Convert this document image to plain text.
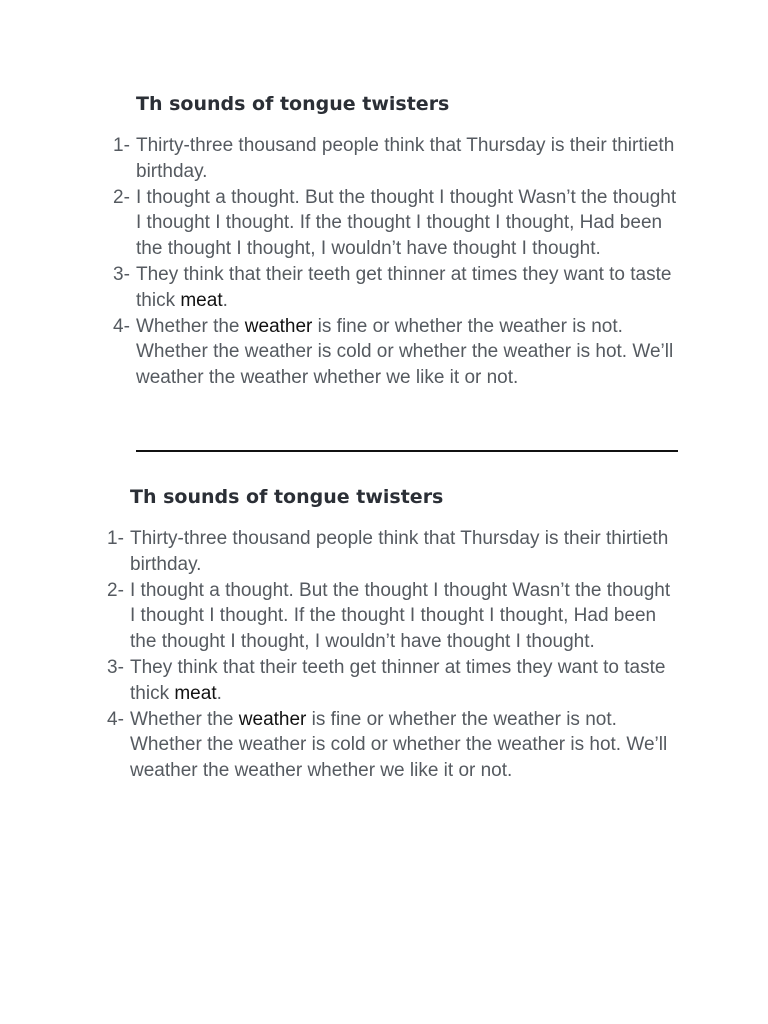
Th sounds of tongue twisters
1- Thirty-three thousand people think that Thursday is their thirtieth birthday.
2- I thought a thought. But the thought I thought Wasn’t the thought I thought I thought. If the thought I thought I thought, Had been the thought I thought, I wouldn’t have thought I thought.
3- They think that their teeth get thinner at times they want to taste thick meat.
4- Whether the weather is fine or whether the weather is not. Whether the weather is cold or whether the weather is hot. We’ll weather the weather whether we like it or not.
Th sounds of tongue twisters
1- Thirty-three thousand people think that Thursday is their thirtieth birthday.
2- I thought a thought. But the thought I thought Wasn’t the thought I thought I thought. If the thought I thought I thought, Had been the thought I thought, I wouldn’t have thought I thought.
3- They think that their teeth get thinner at times they want to taste thick meat.
4- Whether the weather is fine or whether the weather is not. Whether the weather is cold or whether the weather is hot. We’ll weather the weather whether we like it or not.
